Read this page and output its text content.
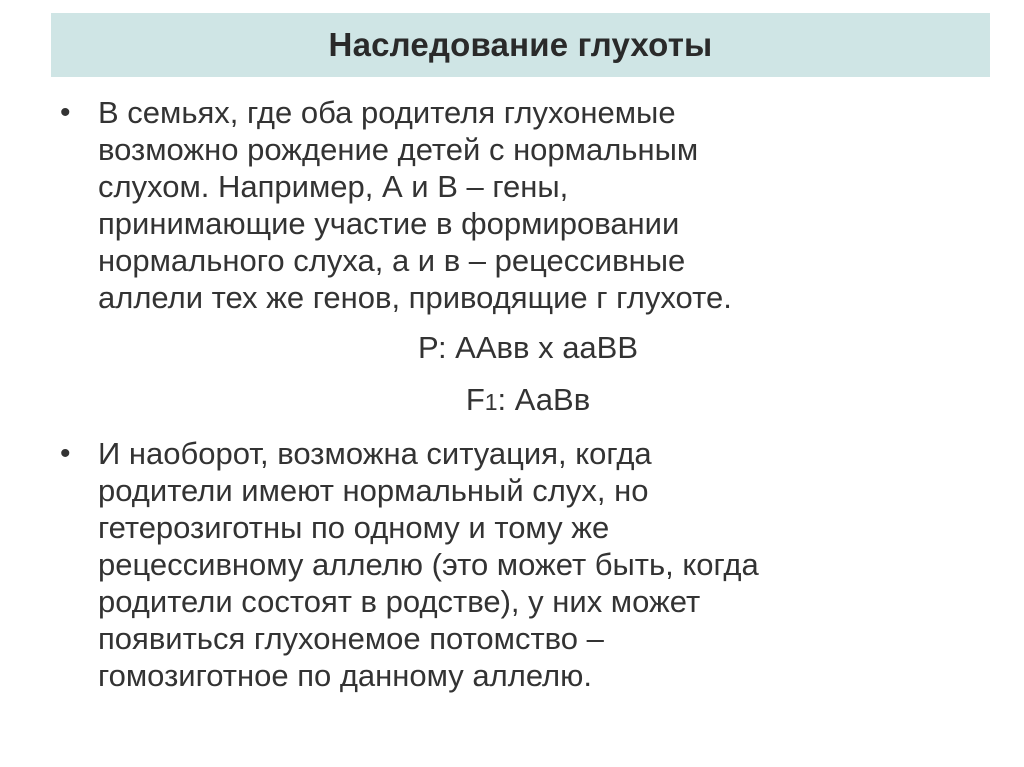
Наследование глухоты
• В семьях, где оба родителя глухонемые
возможно рождение детей с нормальным
слухом. Например, А и В – гены,
принимающие участие в формировании
нормального слуха, а и в – рецессивные
аллели тех же генов, приводящие г глухоте.
Р: ААвв х ааВВ
F1: АаВв
• И наоборот, возможна ситуация, когда
родители имеют нормальный слух, но
гетерозиготны по одному и тому же
рецессивному аллелю (это может быть, когда
родители состоят в родстве), у них может
появиться глухонемое потомство –
гомозиготное по данному аллелю.
